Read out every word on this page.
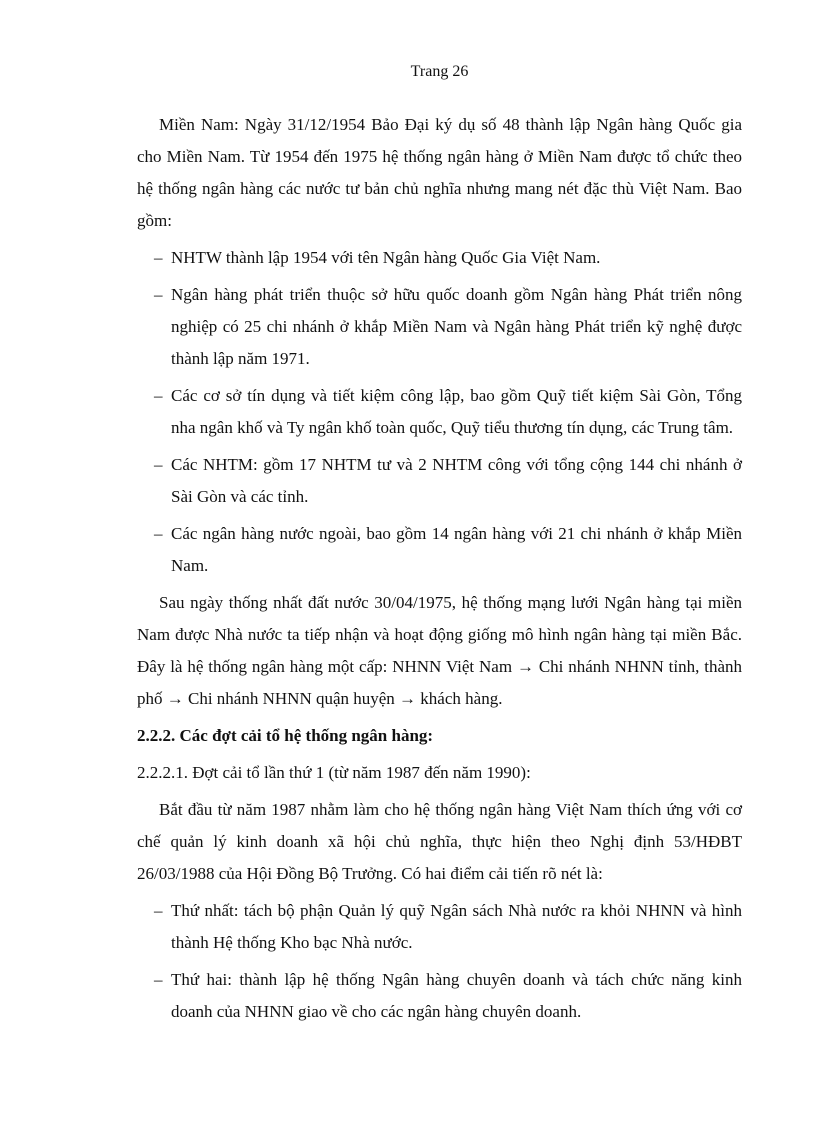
Trang 26

Miền Nam: Ngày 31/12/1954 Bảo Đại ký dụ số 48 thành lập Ngân hàng Quốc gia cho Miền Nam. Từ 1954 đến 1975 hệ thống ngân hàng ở Miền Nam được tổ chức theo hệ thống ngân hàng các nước tư bản chủ nghĩa nhưng mang nét đặc thù Việt Nam. Bao gồm:

– NHTW thành lập 1954 với tên Ngân hàng Quốc Gia Việt Nam.

– Ngân hàng phát triển thuộc sở hữu quốc doanh gồm Ngân hàng Phát triển nông nghiệp có 25 chi nhánh ở khắp Miền Nam và Ngân hàng Phát triển kỹ nghệ được thành lập năm 1971.

– Các cơ sở tín dụng và tiết kiệm công lập, bao gồm Quỹ tiết kiệm Sài Gòn, Tổng nha ngân khố và Ty ngân khố toàn quốc, Quỹ tiểu thương tín dụng, các Trung tâm.

– Các NHTM: gồm 17 NHTM tư và 2 NHTM công với tổng cộng 144 chi nhánh ở Sài Gòn và các tỉnh.

– Các ngân hàng nước ngoài, bao gồm 14 ngân hàng với 21 chi nhánh ở khắp Miền Nam.

Sau ngày thống nhất đất nước 30/04/1975, hệ thống mạng lưới Ngân hàng tại miền Nam được Nhà nước ta tiếp nhận và hoạt động giống mô hình ngân hàng tại miền Bắc. Đây là hệ thống ngân hàng một cấp: NHNN Việt Nam → Chi nhánh NHNN tỉnh, thành phố → Chi nhánh NHNN quận huyện → khách hàng.

2.2.2. Các đợt cải tổ hệ thống ngân hàng:

2.2.2.1. Đợt cải tổ lần thứ 1 (từ năm 1987 đến năm 1990):

Bắt đầu từ năm 1987 nhằm làm cho hệ thống ngân hàng Việt Nam thích ứng với cơ chế quản lý kinh doanh xã hội chủ nghĩa, thực hiện theo Nghị định 53/HĐBT 26/03/1988 của Hội Đồng Bộ Trưởng. Có hai điểm cải tiến rõ nét là:

– Thứ nhất: tách bộ phận Quản lý quỹ Ngân sách Nhà nước ra khỏi NHNN và hình thành Hệ thống Kho bạc Nhà nước.

– Thứ hai: thành lập hệ thống Ngân hàng chuyên doanh và tách chức năng kinh doanh của NHNN giao về cho các ngân hàng chuyên doanh.
